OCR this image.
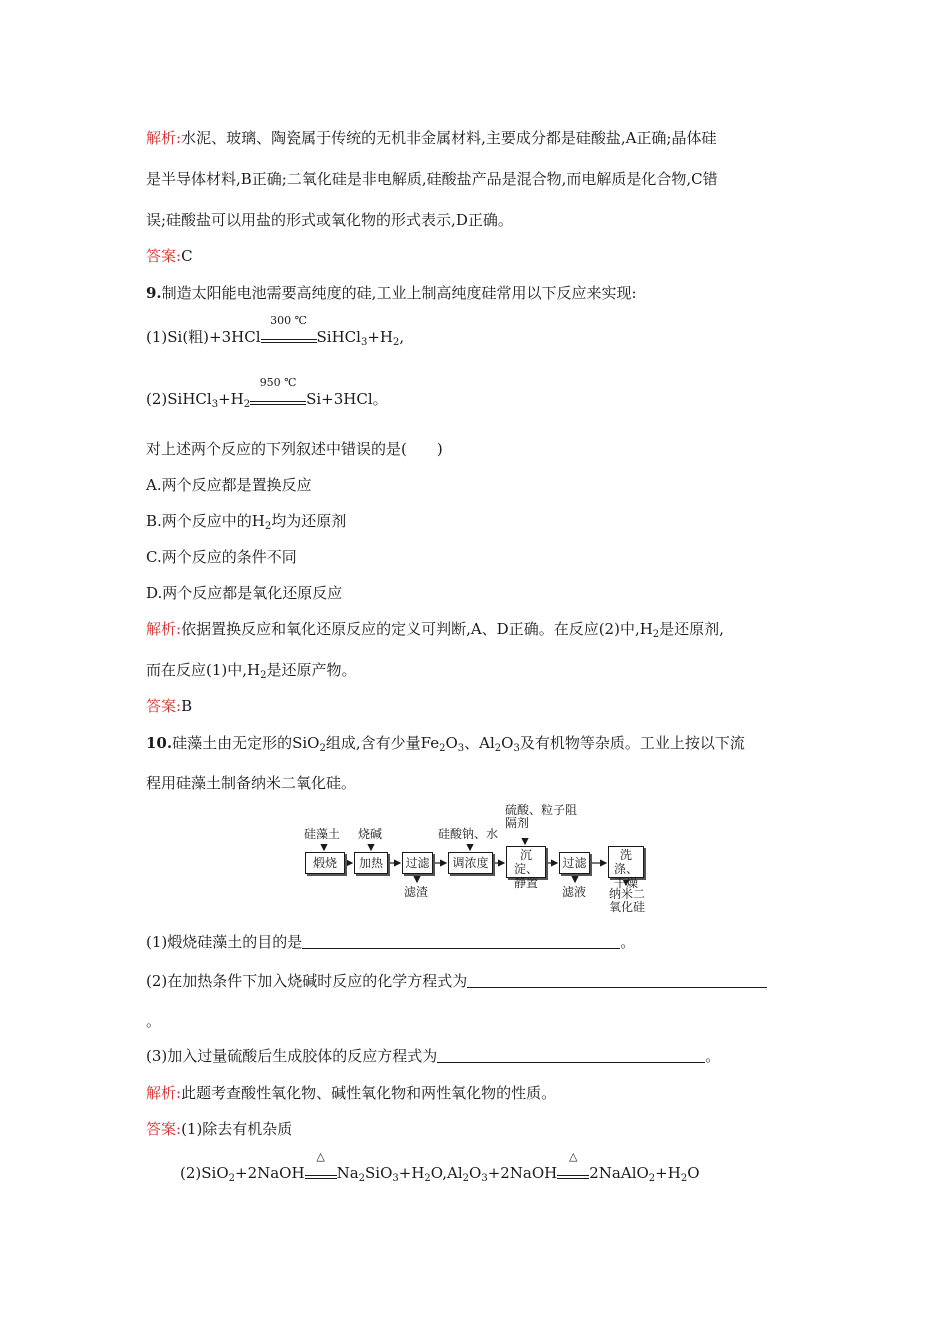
解析:水泥、玻璃、陶瓷属于传统的无机非金属材料,主要成分都是硅酸盐,A正确;晶体硅
是半导体材料,B正确;二氧化硅是非电解质,硅酸盐产品是混合物,而电解质是化合物,C错
误;硅酸盐可以用盐的形式或氧化物的形式表示,D正确。
答案:C
9.制造太阳能电池需要高纯度的硅,工业上制高纯度硅常用以下反应来实现:
(1)Si(粗)+3HCl
300 ℃
$SiHCl_3+H_2$,
$(2)SiHCl_3+H_2$
950 ℃
Si+3HCl。
对上述两个反应的下列叙述中错误的是(　　)
A.两个反应都是置换反应
B.两个反应中的$H_2$均为还原剂
C.两个反应的条件不同
D.两个反应都是氧化还原反应
解析:依据置换反应和氧化还原反应的定义可判断,A、D正确。在反应(2)中$,H_2$是还原剂,
而在反应(1)中$,H_2$是还原产物。
答案:B
10.硅藻土由无定形的SiO$_2$组成,含有少量$Fe_2O_3$、$Al_2O_3$及有机物等杂质。工业上按以下流
程用硅藻土制备纳米二氧化硅。
煅烧	加热	过滤	调浓度
沉淀、静置
过滤
洗涤、干燥
硅藻土 烧碱	硅酸钠、水
硫酸、粒子阻隔剂
滤渣	滤液 纳米二氧化硅
(1)煅烧硅藻土的目的是	。
(2)在加热条件下加入烧碱时反应的化学方程式为
。
(3)加入过量硫酸后生成胶体的反应方程式为	。
解析:此题考查酸性氧化物、碱性氧化物和两性氧化物的性质。
答案:(1)除去有机杂质
(2)SiO$_2$+2NaOH
△
$Na_2SiO_3+H_2O,Al_2O_3+2NaOH$
△
$2NaAlO_2+H_2O$
